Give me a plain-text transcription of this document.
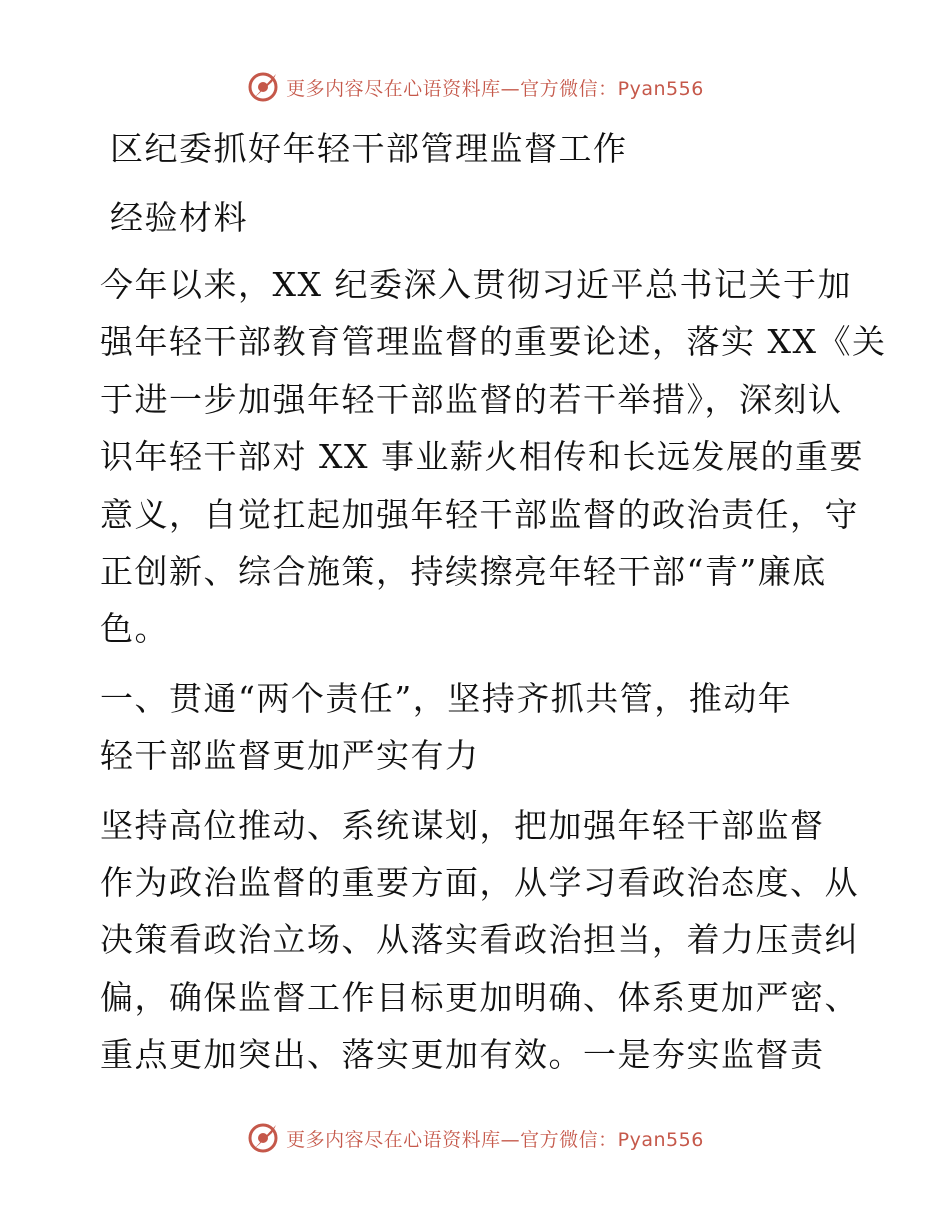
更多内容尽在心语资料库—官方微信：Pyan556
区纪委抓好年轻干部管理监督工作
经验材料
今年以来，XX 纪委深入贯彻习近平总书记关于加
强年轻干部教育管理监督的重要论述，落实 XX《关
于进一步加强年轻干部监督的若干举措》，深刻认
识年轻干部对 XX 事业薪火相传和长远发展的重要
意义，自觉扛起加强年轻干部监督的政治责任，守
正创新、综合施策，持续擦亮年轻干部“青”廉底
色。
一、贯通“两个责任”，坚持齐抓共管，推动年
轻干部监督更加严实有力
坚持高位推动、系统谋划，把加强年轻干部监督
作为政治监督的重要方面，从学习看政治态度、从
决策看政治立场、从落实看政治担当，着力压责纠
偏，确保监督工作目标更加明确、体系更加严密、
重点更加突出、落实更加有效。一是夯实监督责
更多内容尽在心语资料库—官方微信：Pyan556
